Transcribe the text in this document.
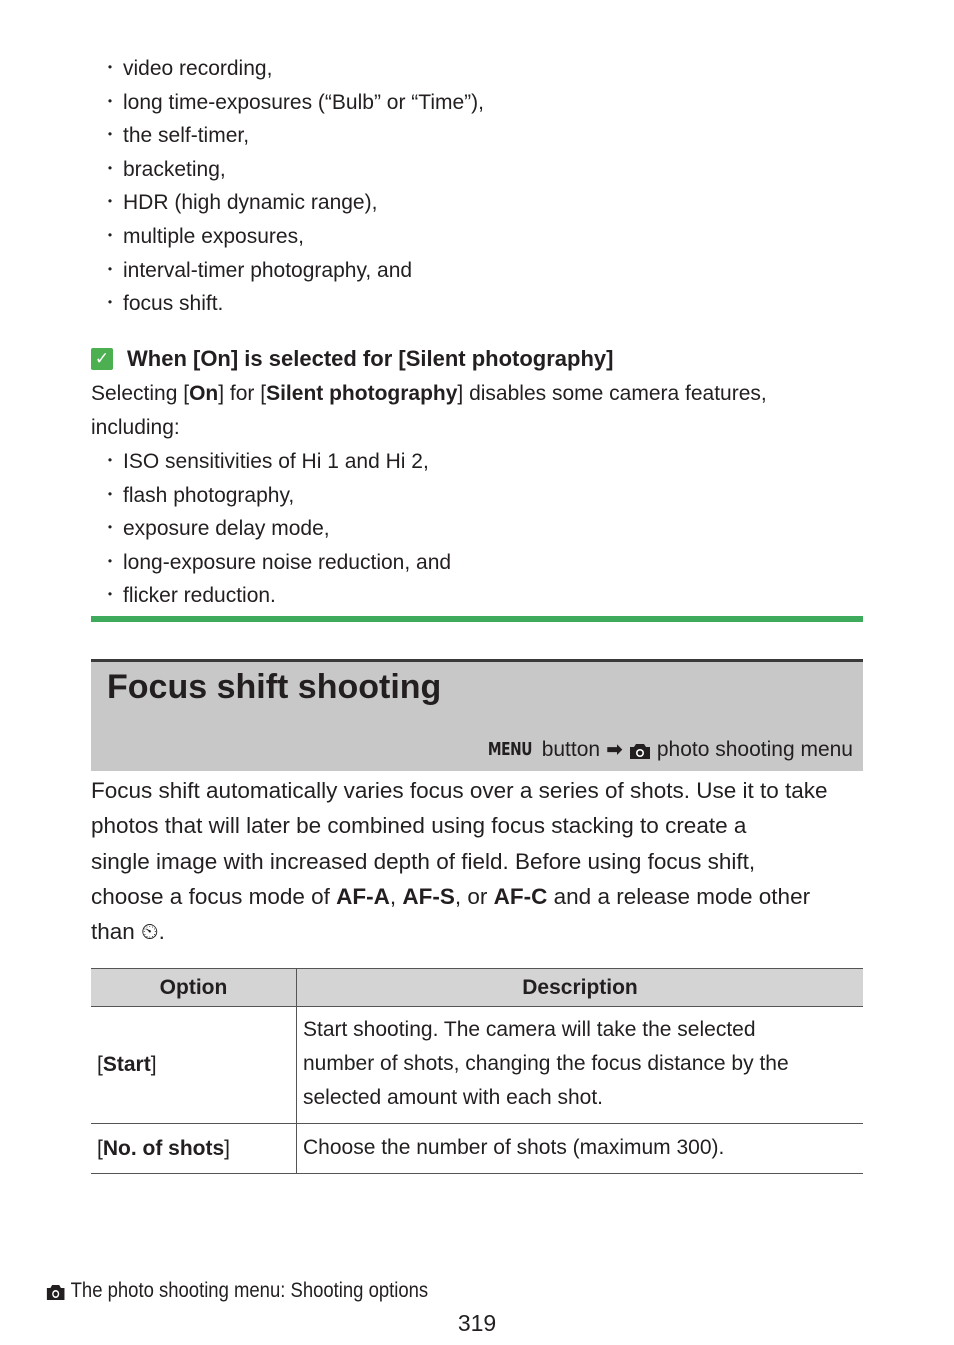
・ video recording,
・ long time-exposures (“Bulb” or “Time”),
・ the self-timer,
・ bracketing,
・ HDR (high dynamic range),
・ multiple exposures,
・ interval-timer photography, and
・ focus shift.
✓ When [On] is selected for [Silent photography]
Selecting [On] for [Silent photography] disables some camera features,
including:
・ ISO sensitivities of Hi 1 and Hi 2,
・ flash photography,
・ exposure delay mode,
・ long-exposure noise reduction, and
・ flicker reduction.
Focus shift shooting
MENU button ➡ photo shooting menu
Focus shift automatically varies focus over a series of shots. Use it to take
photos that will later be combined using focus stacking to create a
single image with increased depth of field. Before using focus shift,
choose a focus mode of AF-A, AF-S, or AF-C and a release mode other
than ⏲.
Option	Description
[Start]	Start shooting. The camera will take the selected
number of shots, changing the focus distance by the
selected amount with each shot.
[No. of shots]	Choose the number of shots (maximum 300).
The photo shooting menu: Shooting options
319
